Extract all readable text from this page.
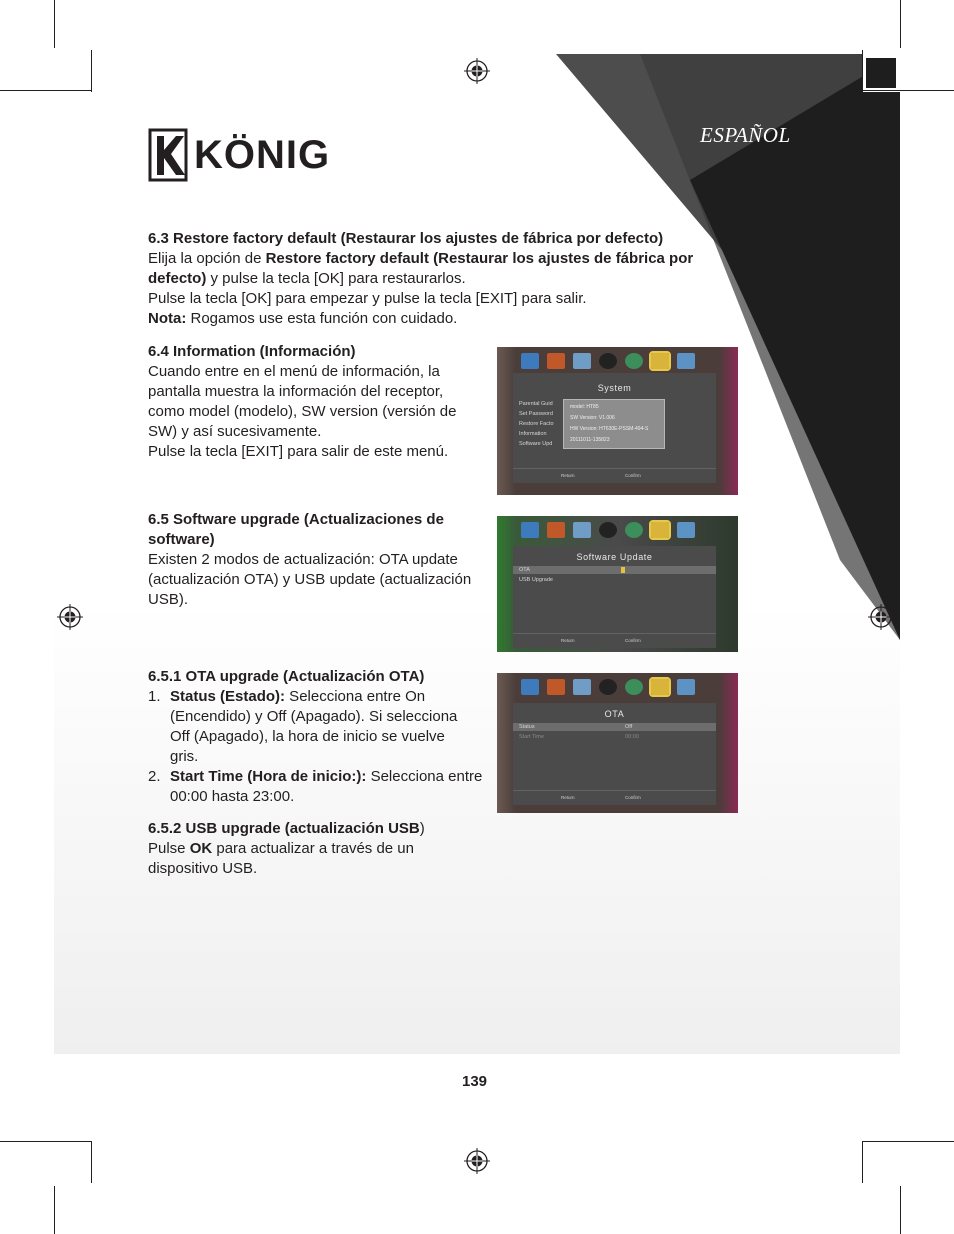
KÖNIG	ESPAÑOL
6.3 Restore factory default (Restaurar los ajustes de fábrica por defecto)
Elija la opción de Restore factory default (Restaurar los ajustes de fábrica por defecto) y pulse la tecla [OK] para restaurarlos.
Pulse la tecla [OK] para empezar y pulse la tecla [EXIT] para salir.
Nota: Rogamos use esta función con cuidado.
6.4 Information (Información)
Cuando entre en el menú de información, la
pantalla muestra la información del receptor,
como model (modelo), SW version (versión de
SW) y así sucesivamente.
Pulse la tecla [EXIT] para salir de este menú.
6.5 Software upgrade (Actualizaciones de
software)
Existen 2 modos de actualización: OTA update
(actualización OTA) y USB update (actualización
USB).
6.5.1 OTA upgrade (Actualización OTA)
1. Status (Estado): Selecciona entre On
(Encendido) y Off (Apagado). Si selecciona
Off (Apagado), la hora de inicio se vuelve
gris.
2. Start Time (Hora de inicio:): Selecciona entre
00:00 hasta 23:00.
6.5.2 USB upgrade (actualización USB)
Pulse OK para actualizar a través de un
dispositivo USB.
System
Parental Guid
Set Password
Restore Facto
Information
Software Upd
model: HT85
SW Version: V1.006
HW Version: HT630E-PSSM-494-S
20111011-135823
Return	Confirm
Software Update
OTA
USB Upgrade
Return	Confirm
OTA
Status	Off
Start Time	00:00
Return	Confirm
139
